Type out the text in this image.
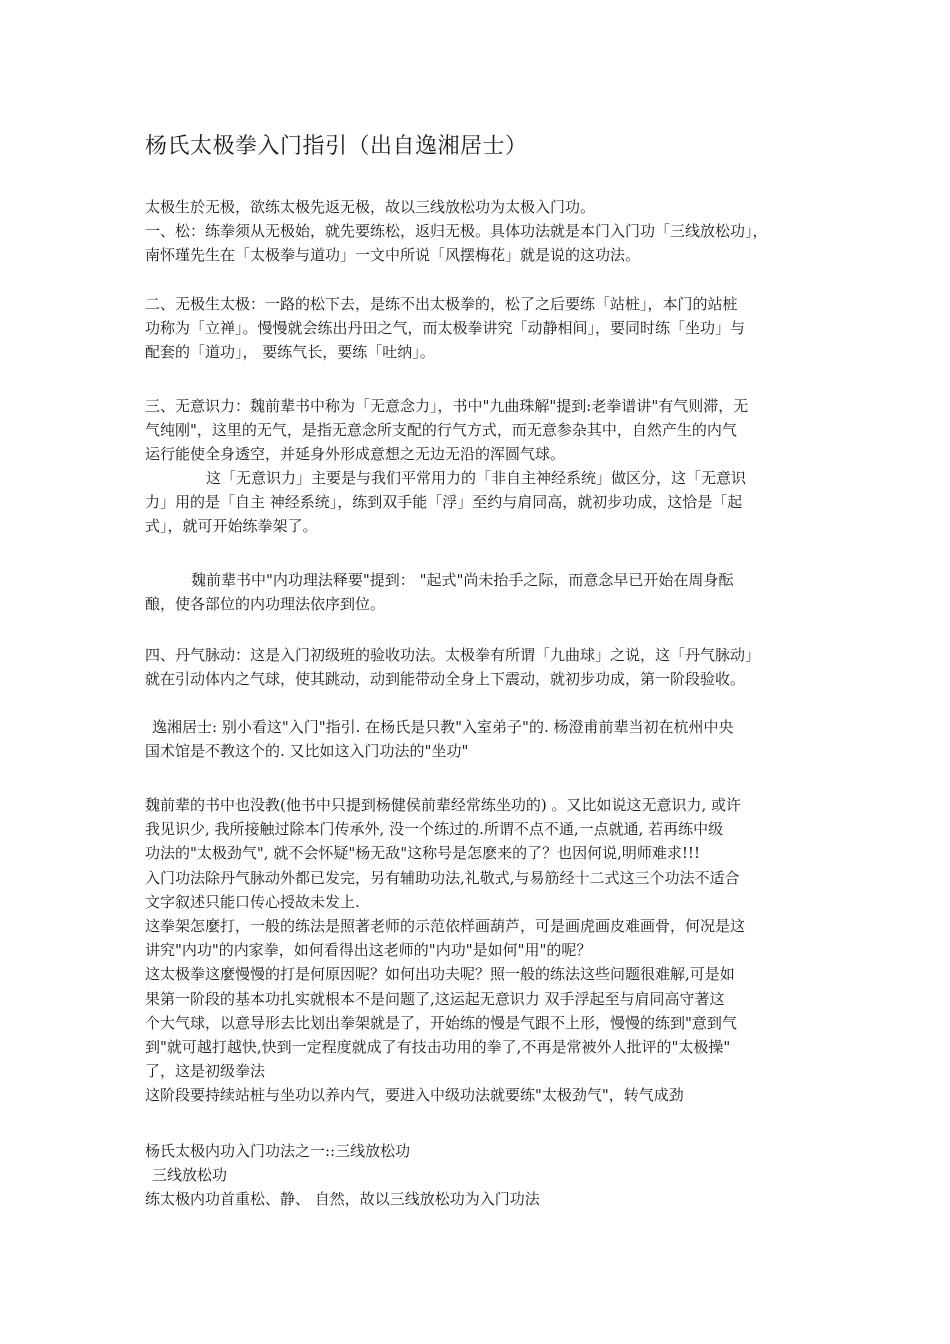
杨氏太极拳入门指引（出自逸湘居士）
太极生於无极，欲练太极先返无极，故以三线放松功为太极入门功。
一、松：练拳须从无极始，就先要练松，返归无极。具体功法就是本门入门功「三线放松功」，
南怀瑾先生在「太极拳与道功」一文中所说「风摆梅花」就是说的这功法。
二、无极生太极：一路的松下去，是练不出太极拳的，松了之后要练「站桩」，本门的站桩
功称为「立禅」。慢慢就会练出丹田之气，而太极拳讲究「动静相间」，要同时练「坐功」与
配套的「道功」， 要练气长，要练「吐纳」。
三、无意识力：魏前辈书中称为「无意念力」，书中"九曲珠解"提到:老拳谱讲"有气则滞，无
气纯刚"，这里的无气，是指无意念所支配的行气方式，而无意参杂其中，自然产生的内气
运行能使全身透空，并延身外形成意想之无边无沿的浑圆气球。
这「无意识力」主要是与我们平常用力的「非自主神经系统」做区分，这「无意识
力」用的是「自主 神经系统」，练到双手能「浮」至约与肩同高，就初步功成，这恰是「起
式」，就可开始练拳架了。
魏前辈书中"内功理法释要"提到： "起式"尚未抬手之际，而意念早已开始在周身酝
酿，使各部位的内功理法依序到位。
四、丹气脉动：这是入门初级班的验收功法。太极拳有所谓「九曲球」之说，这「丹气脉动」
就在引动体内之气球，使其跳动，动到能带动全身上下震动，就初步功成，第一阶段验收。
逸湘居士: 别小看这"入门"指引. 在杨氏是只教"入室弟子"的. 杨澄甫前辈当初在杭州中央
国术馆是不教这个的. 又比如这入门功法的"坐功"
魏前辈的书中也没教(他书中只提到杨健侯前辈经常练坐功的) 。又比如说这无意识力, 或许
我见识少, 我所接触过除本门传承外, 没一个练过的.所谓不点不通,一点就通, 若再练中级
功法的"太极劲气", 就不会怀疑"杨无敌"这称号是怎麽来的了？也因何说,明师难求!!!
入门功法除丹气脉动外都已发完，另有辅助功法,礼敬式,与易筋经十二式这三个功法不适合
文字叙述只能口传心授故未发上.
这拳架怎麼打，一般的练法是照著老师的示范依样画葫芦，可是画虎画皮难画骨，何况是这
讲究"内功"的内家拳，如何看得出这老师的"内功"是如何"用"的呢？
这太极拳这麼慢慢的打是何原因呢？如何出功夫呢？照一般的练法这些问题很难解,可是如
果第一阶段的基本功扎实就根本不是问题了,这运起无意识力 双手浮起至与肩同高守著这
个大气球，以意导形去比划出拳架就是了，开始练的慢是气跟不上形，慢慢的练到"意到气
到"就可越打越快,快到一定程度就成了有技击功用的拳了,不再是常被外人批评的"太极操"
了，这是初级拳法
这阶段要持续站桩与坐功以养内气，要进入中级功法就要练"太极劲气"，转气成劲
杨氏太极内功入门功法之一::三线放松功
三线放松功
练太极内功首重松、静、 自然，故以三线放松功为入门功法
